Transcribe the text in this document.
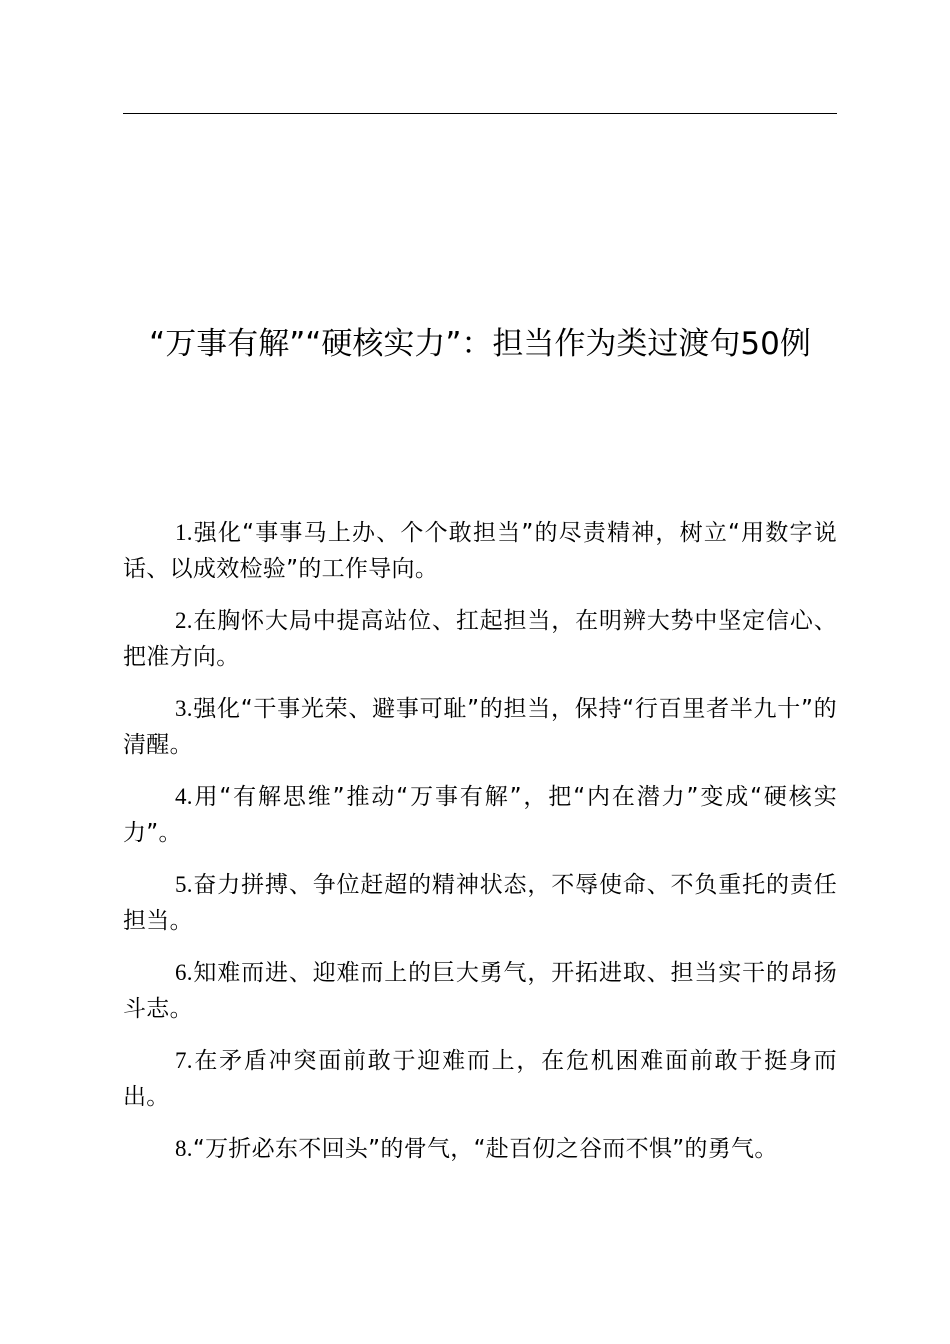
“万事有解”“硬核实力”：担当作为类过渡句50例

1.强化“事事马上办、个个敢担当”的尽责精神，树立“用数字说话、以成效检验”的工作导向。

2.在胸怀大局中提高站位、扛起担当，在明辨大势中坚定信心、把准方向。

3.强化“干事光荣、避事可耻”的担当，保持“行百里者半九十”的清醒。

4.用“有解思维”推动“万事有解”，把“内在潜力”变成“硬核实力”。

5.奋力拼搏、争位赶超的精神状态，不辱使命、不负重托的责任担当。

6.知难而进、迎难而上的巨大勇气，开拓进取、担当实干的昂扬斗志。

7.在矛盾冲突面前敢于迎难而上，在危机困难面前敢于挺身而出。

8.“万折必东不回头”的骨气，“赴百仞之谷而不惧”的勇气。
